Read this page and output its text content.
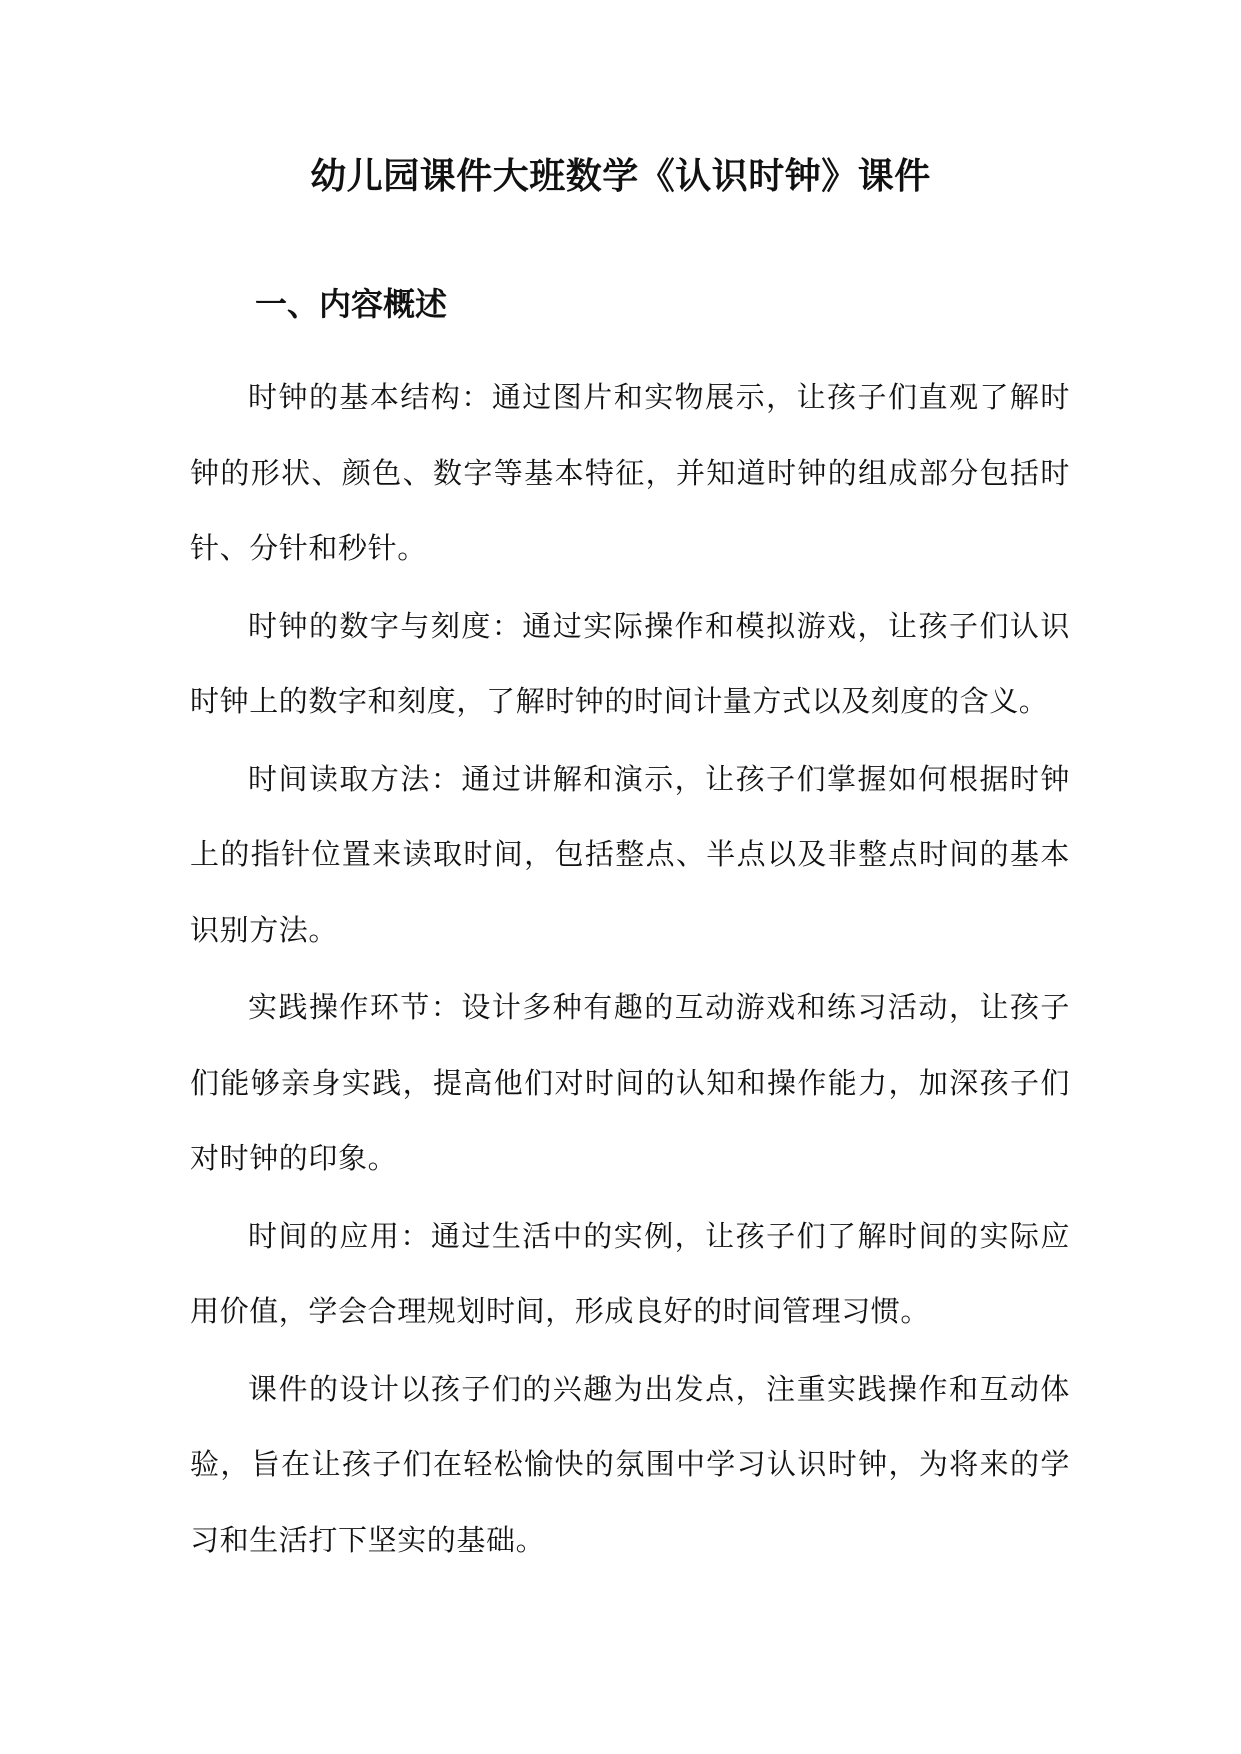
幼儿园课件大班数学《认识时钟》课件
一、内容概述

时钟的基本结构：通过图片和实物展示，让孩子们直观了解时钟的形状、颜色、数字等基本特征，并知道时钟的组成部分包括时针、分针和秒针。

时钟的数字与刻度：通过实际操作和模拟游戏，让孩子们认识时钟上的数字和刻度，了解时钟的时间计量方式以及刻度的含义。

时间读取方法：通过讲解和演示，让孩子们掌握如何根据时钟上的指针位置来读取时间，包括整点、半点以及非整点时间的基本识别方法。

实践操作环节：设计多种有趣的互动游戏和练习活动，让孩子们能够亲身实践，提高他们对时间的认知和操作能力，加深孩子们对时钟的印象。

时间的应用：通过生活中的实例，让孩子们了解时间的实际应用价值，学会合理规划时间，形成良好的时间管理习惯。

课件的设计以孩子们的兴趣为出发点，注重实践操作和互动体验，旨在让孩子们在轻松愉快的氛围中学习认识时钟，为将来的学习和生活打下坚实的基础。
